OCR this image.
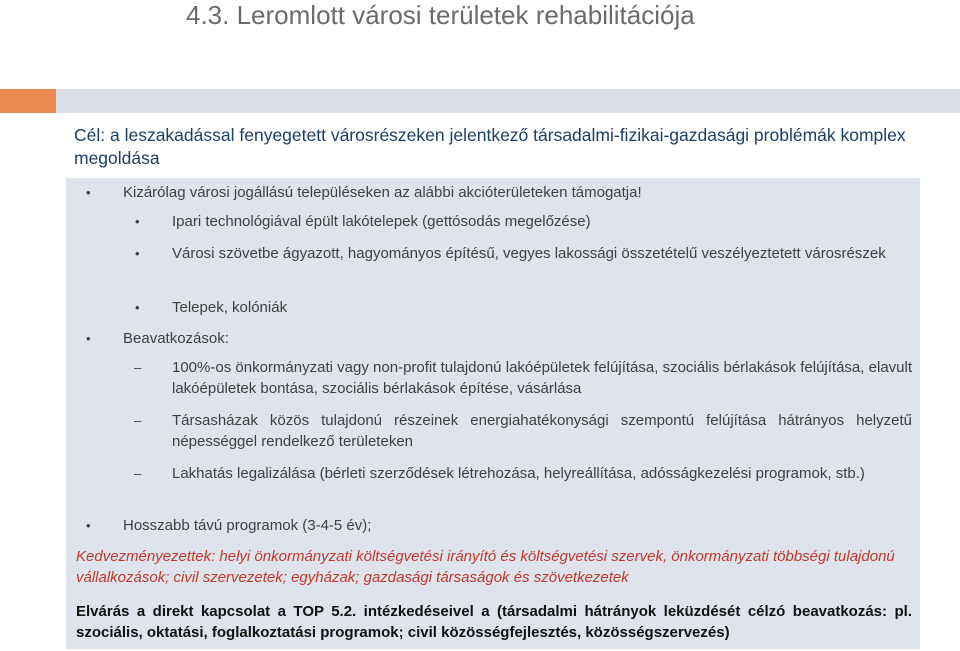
4.3. Leromlott városi területek rehabilitációja
Cél: a leszakadással fenyegetett városrészeken jelentkező társadalmi-fizikai-gazdasági problémák komplex megoldása
• Kizárólag városi jogállású településeken az alábbi akcióterületeken támogatja!
• Ipari technológiával épült lakótelepek (gettósodás megelőzése)
• Városi szövetbe ágyazott, hagyományos építésű, vegyes lakossági összetételű veszélyeztetett városrészek
• Telepek, kolóniák
• Beavatkozások:
– 100%-os önkormányzati vagy non-profit tulajdonú lakóépületek felújítása, szociális bérlakások felújítása, elavult lakóépületek bontása, szociális bérlakások építése, vásárlása
– Társasházak közös tulajdonú részeinek energiahatékonysági szempontú felújítása hátrányos helyzetű népességgel rendelkező területeken
– Lakhatás legalizálása (bérleti szerződések létrehozása, helyreállítása, adósságkezelési programok, stb.)
• Hosszabb távú programok (3-4-5 év);
Kedvezményezettek: helyi önkormányzati költségvetési irányító és költségvetési szervek, önkormányzati többségi tulajdonú vállalkozások; civil szervezetek; egyházak; gazdasági társaságok és szövetkezetek
Elvárás a direkt kapcsolat a TOP 5.2. intézkedéseivel a (társadalmi hátrányok leküzdését célzó beavatkozás: pl. szociális, oktatási, foglalkoztatási programok; civil közösségfejlesztés, közösségszervezés)
